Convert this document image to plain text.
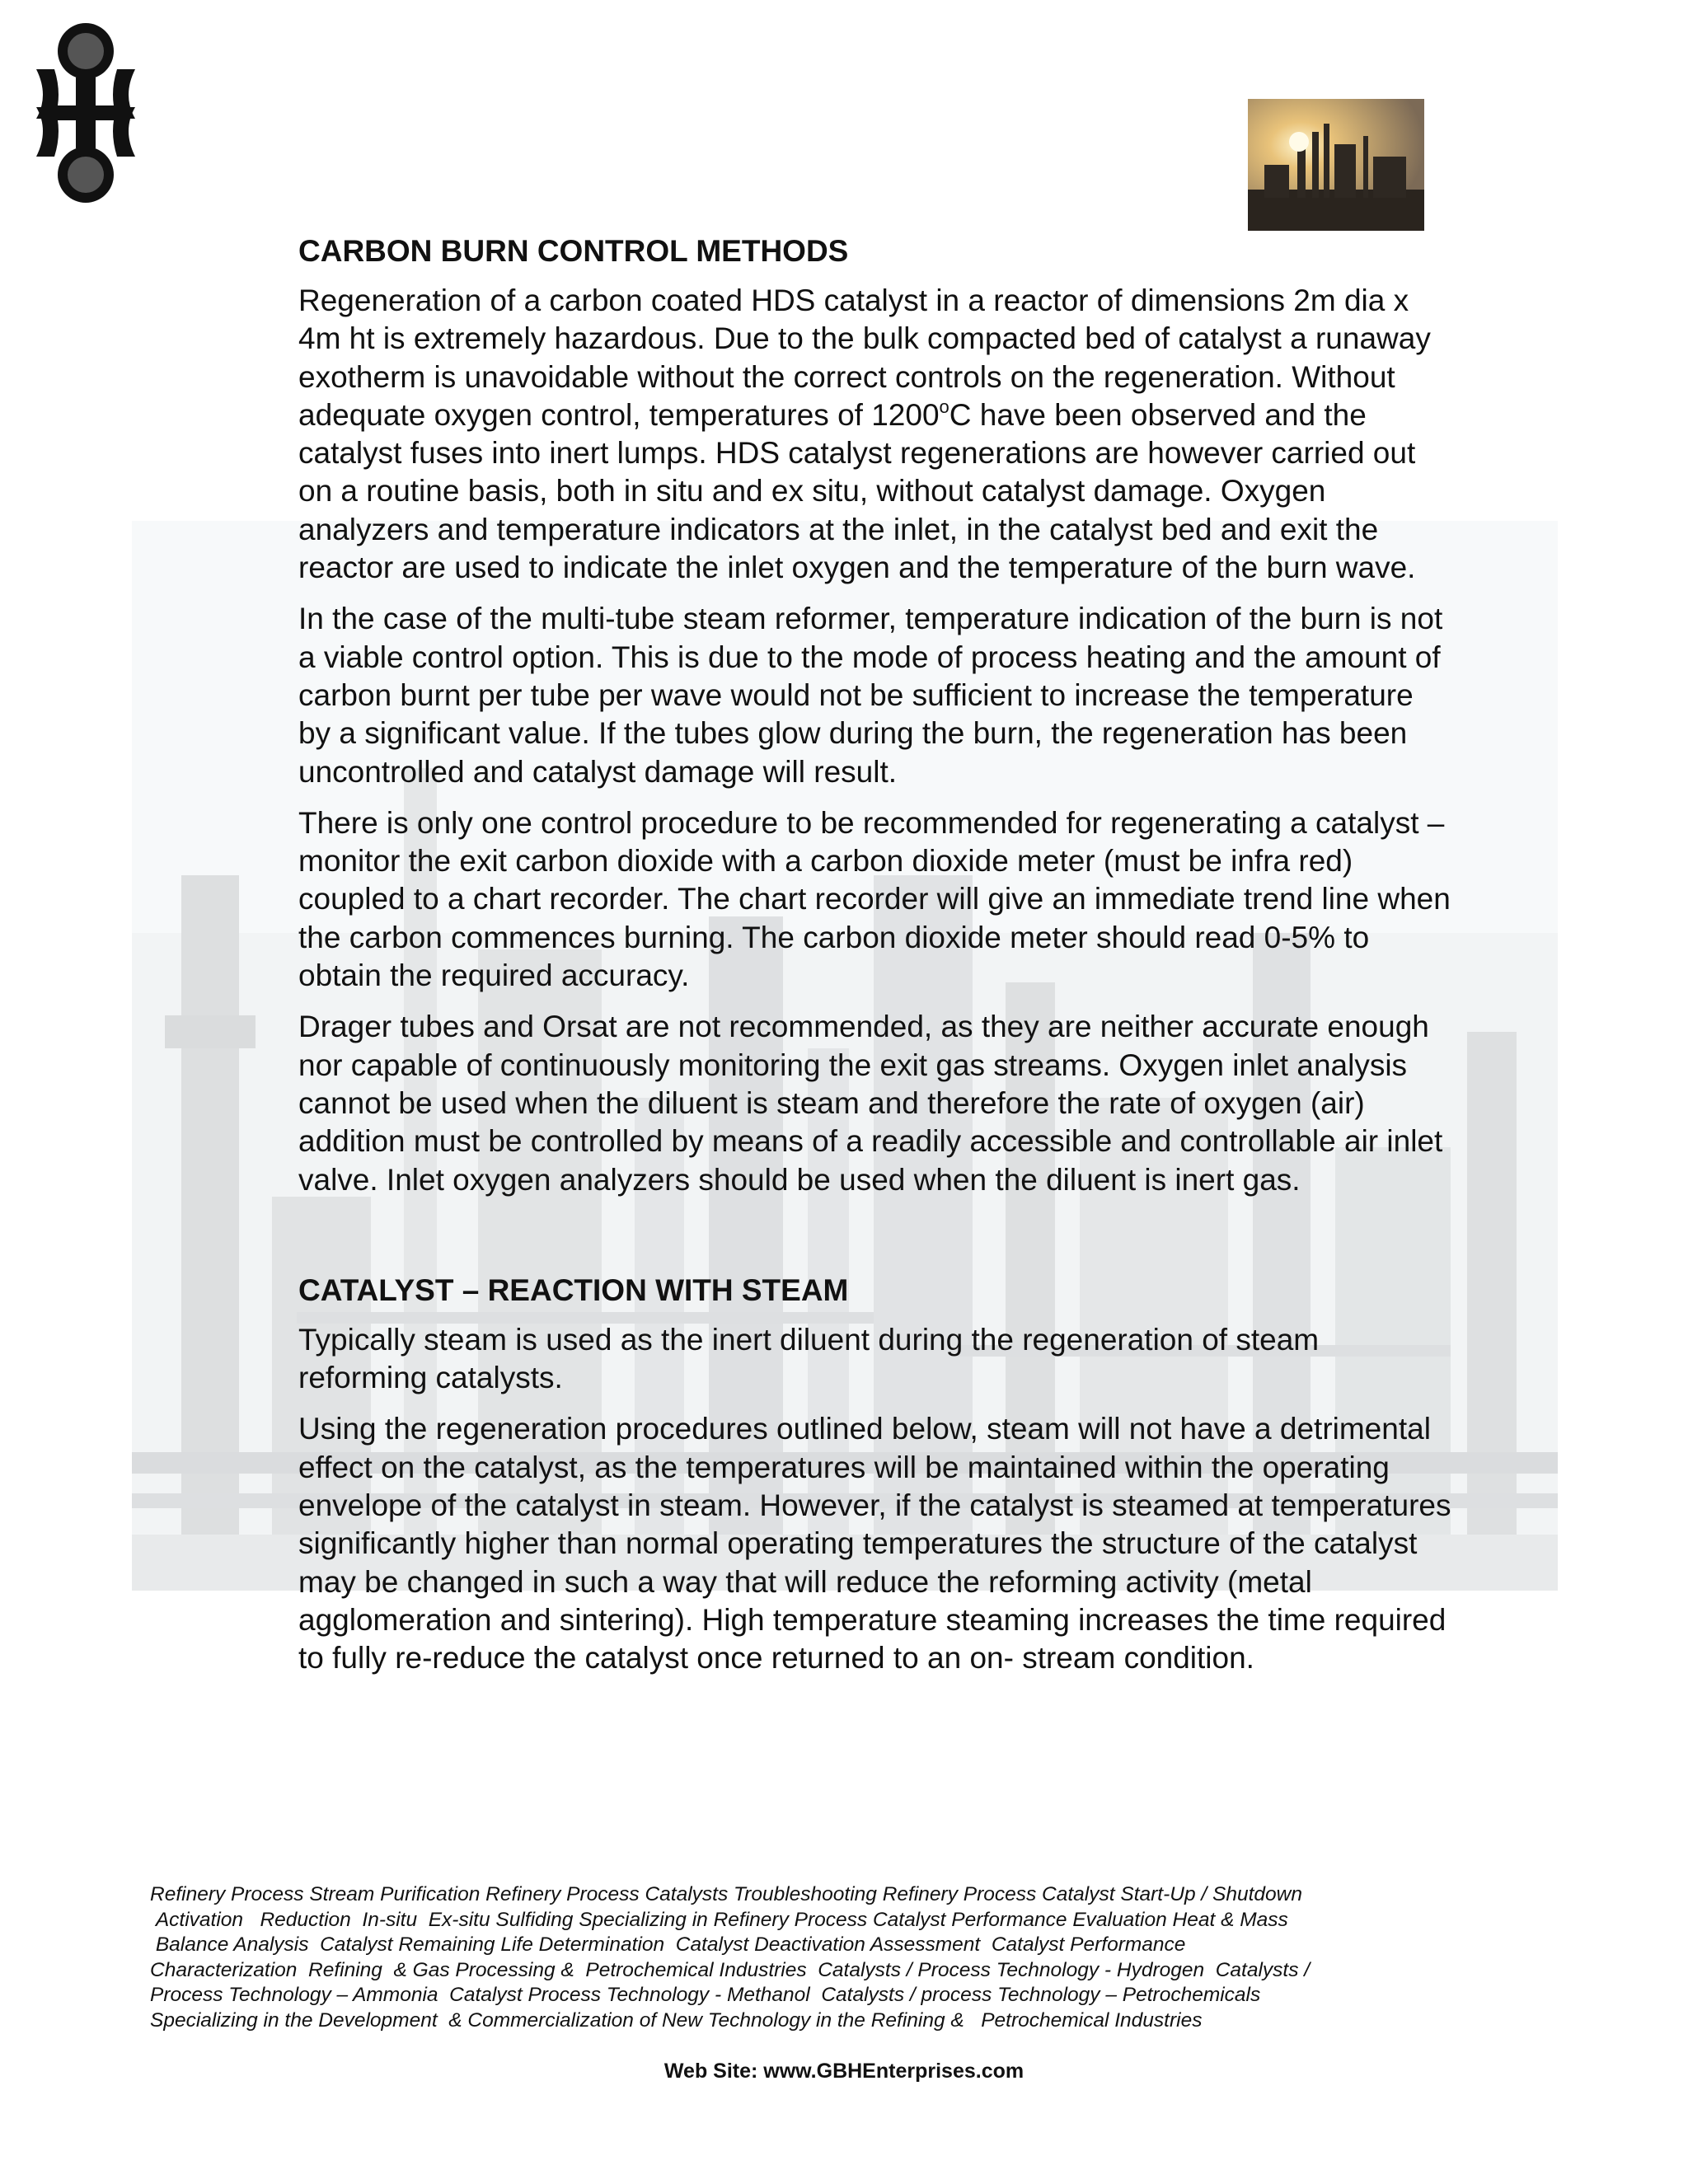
CARBON BURN CONTROL METHODS
Regeneration of a carbon coated HDS catalyst in a reactor of dimensions 2m dia x 4m ht is extremely hazardous. Due to the bulk compacted bed of catalyst a runaway exotherm is unavoidable without the correct controls on the regeneration. Without adequate oxygen control, temperatures of 1200$^o$C have been observed and the catalyst fuses into inert lumps. HDS catalyst regenerations are however carried out on a routine basis, both in situ and ex situ, without catalyst damage. Oxygen analyzers and temperature indicators at the inlet, in the catalyst bed and exit the reactor are used to indicate the inlet oxygen and the temperature of the burn wave.
In the case of the multi-tube steam reformer, temperature indication of the burn is not a viable control option. This is due to the mode of process heating and the amount of carbon burnt per tube per wave would not be sufficient to increase the temperature by a significant value. If the tubes glow during the burn, the regeneration has been uncontrolled and catalyst damage will result.
There is only one control procedure to be recommended for regenerating a catalyst – monitor the exit carbon dioxide with a carbon dioxide meter (must be infra red) coupled to a chart recorder. The chart recorder will give an immediate trend line when the carbon commences burning. The carbon dioxide meter should read 0-5% to obtain the required accuracy.
Drager tubes and Orsat are not recommended, as they are neither accurate enough nor capable of continuously monitoring the exit gas streams. Oxygen inlet analysis cannot be used when the diluent is steam and therefore the rate of oxygen (air) addition must be controlled by means of a readily accessible and controllable air inlet valve. Inlet oxygen analyzers should be used when the diluent is inert gas.
CATALYST – REACTION WITH STEAM
Typically steam is used as the inert diluent during the regeneration of steam reforming catalysts.
Using the regeneration procedures outlined below, steam will not have a detrimental effect on the catalyst, as the temperatures will be maintained within the operating envelope of the catalyst in steam. However, if the catalyst is steamed at temperatures significantly higher than normal operating temperatures the structure of the catalyst may be changed in such a way that will reduce the reforming activity (metal agglomeration and sintering). High temperature steaming increases the time required to fully re-reduce the catalyst once returned to an on- stream condition.
Refinery Process Stream Purification Refinery Process Catalysts Troubleshooting Refinery Process Catalyst Start-Up / Shutdown
Activation   Reduction  In-situ  Ex-situ Sulfiding Specializing in Refinery Process Catalyst Performance Evaluation Heat & Mass
Balance Analysis  Catalyst Remaining Life Determination  Catalyst Deactivation Assessment  Catalyst Performance
Characterization  Refining  & Gas Processing &  Petrochemical Industries  Catalysts / Process Technology - Hydrogen  Catalysts /
Process Technology – Ammonia  Catalyst Process Technology - Methanol  Catalysts / process Technology – Petrochemicals
Specializing in the Development  & Commercialization of New Technology in the Refining &   Petrochemical Industries
Web Site: www.GBHEnterprises.com
